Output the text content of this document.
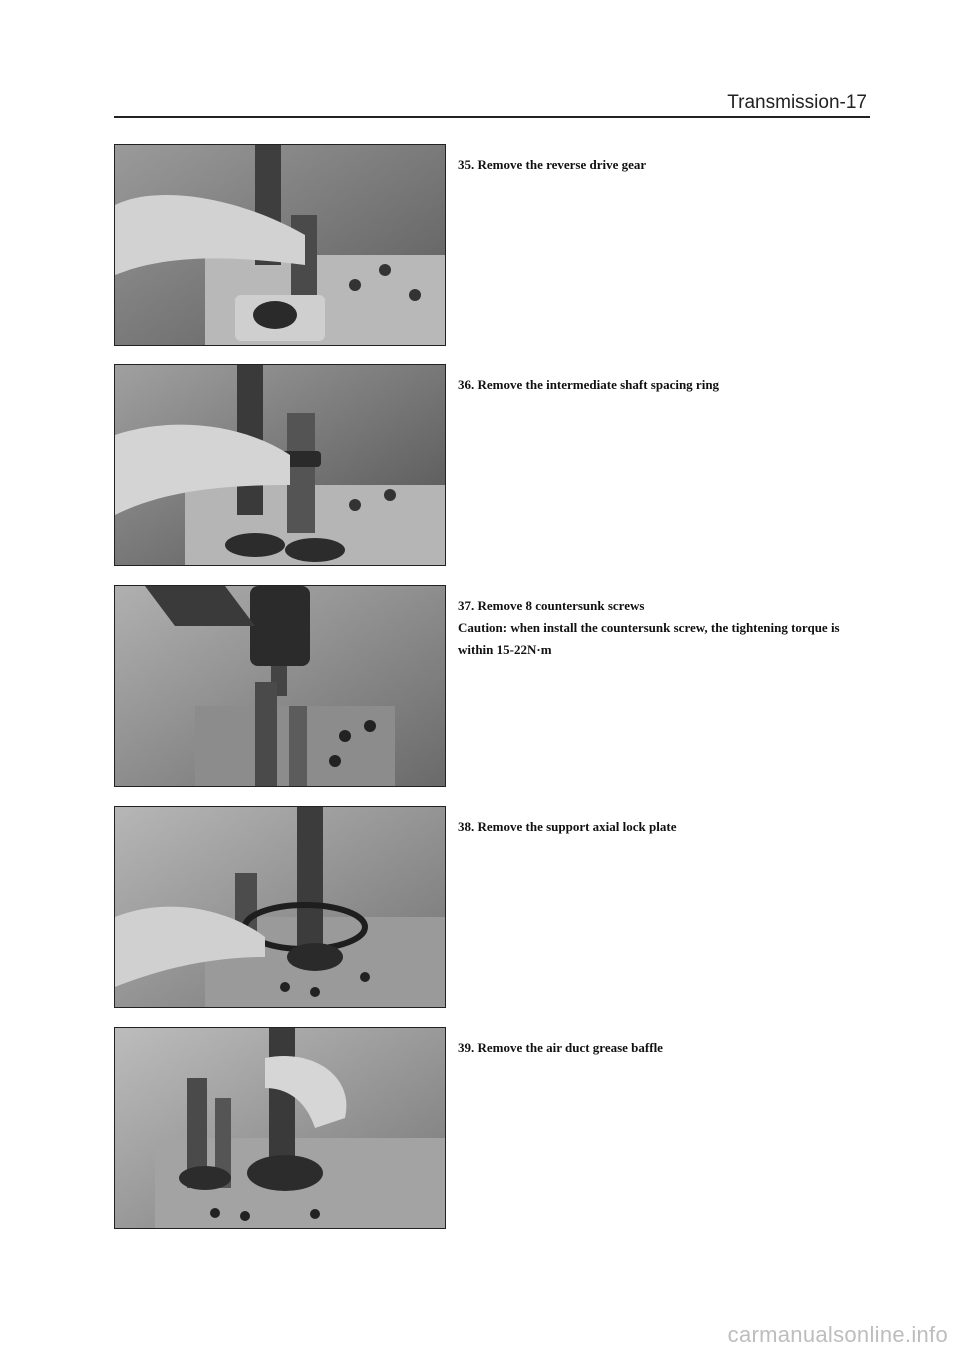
Transmission-17

35. Remove the reverse drive gear

36. Remove the intermediate shaft spacing ring

37. Remove 8 countersunk screws

Caution: when install the countersunk screw, the tightening torque is within 15-22N·m

38. Remove the support axial lock plate

39. Remove the air duct grease baffle

carmanualsonline.info
